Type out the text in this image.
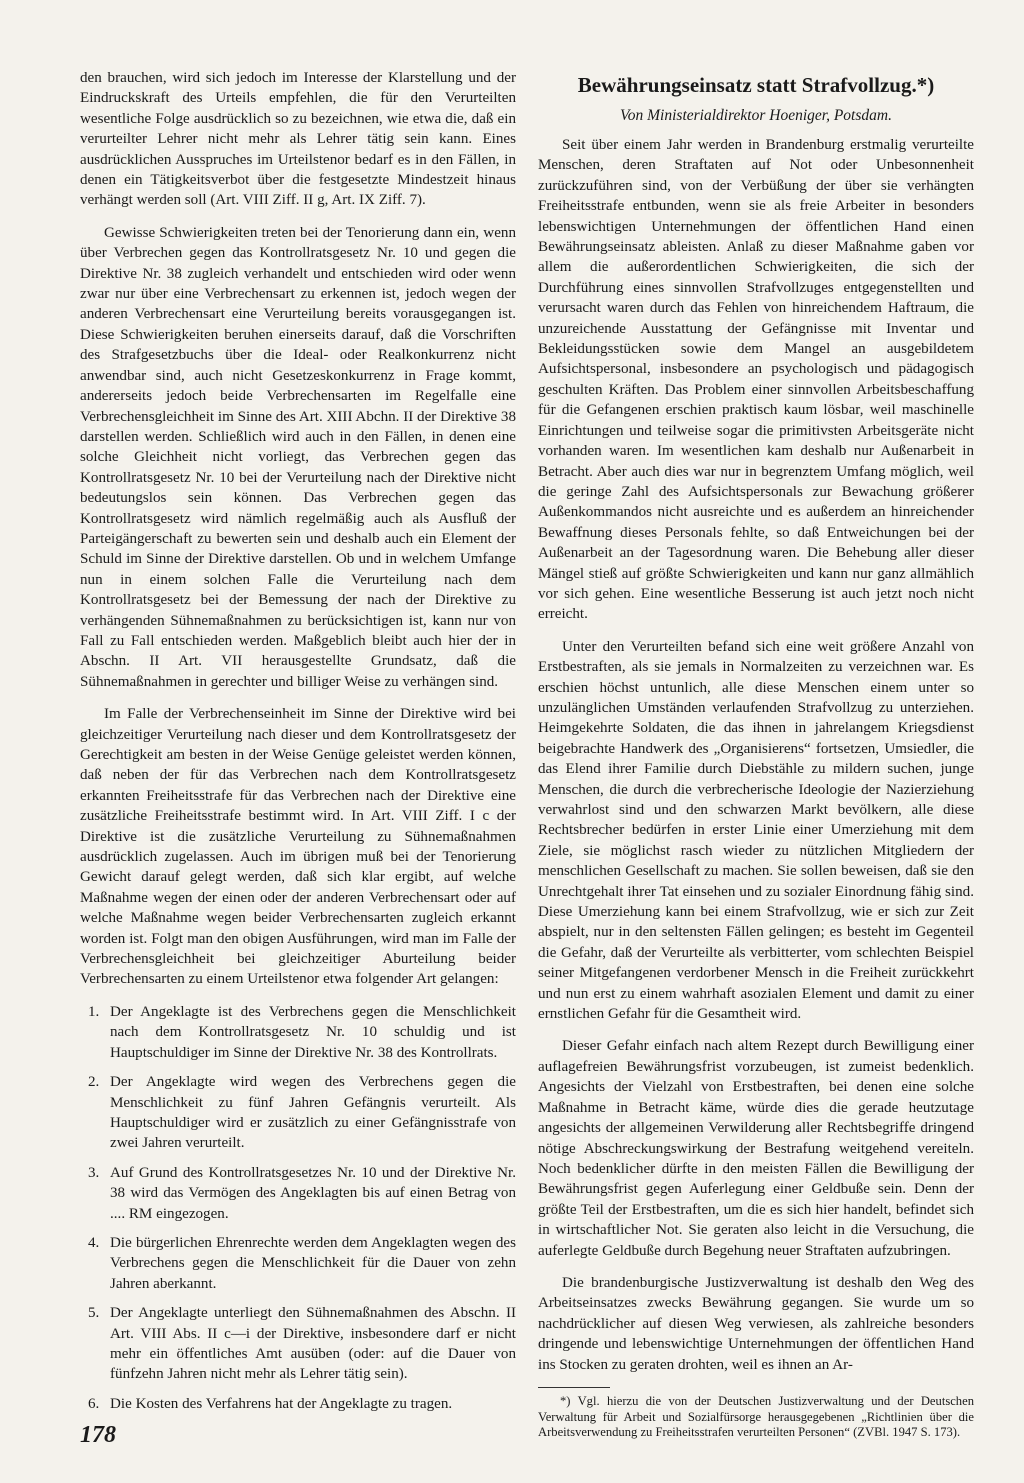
den brauchen, wird sich jedoch im Interesse der Klarstellung und der Eindruckskraft des Urteils empfehlen, die für den Verurteilten wesentliche Folge ausdrücklich so zu bezeichnen, wie etwa die, daß ein verurteilter Lehrer nicht mehr als Lehrer tätig sein kann. Eines ausdrücklichen Ausspruches im Urteilstenor bedarf es in den Fällen, in denen ein Tätigkeitsverbot über die festgesetzte Mindestzeit hinaus verhängt werden soll (Art. VIII Ziff. II g, Art. IX Ziff. 7).

Gewisse Schwierigkeiten treten bei der Tenorierung dann ein, wenn über Verbrechen gegen das Kontrollratsgesetz Nr. 10 und gegen die Direktive Nr. 38 zugleich verhandelt und entschieden wird oder wenn zwar nur über eine Verbrechensart zu erkennen ist, jedoch wegen der anderen Verbrechensart eine Verurteilung bereits vorausgegangen ist. Diese Schwierigkeiten beruhen einerseits darauf, daß die Vorschriften des Strafgesetzbuchs über die Ideal- oder Realkonkurrenz nicht anwendbar sind, auch nicht Gesetzeskonkurrenz in Frage kommt, andererseits jedoch beide Verbrechensarten im Regelfalle eine Verbrechensgleichheit im Sinne des Art. XIII Abchn. II der Direktive 38 darstellen werden. Schließlich wird auch in den Fällen, in denen eine solche Gleichheit nicht vorliegt, das Verbrechen gegen das Kontrollratsgesetz Nr. 10 bei der Verurteilung nach der Direktive nicht bedeutungslos sein können. Das Verbrechen gegen das Kontrollratsgesetz wird nämlich regelmäßig auch als Ausfluß der Parteigängerschaft zu bewerten sein und deshalb auch ein Element der Schuld im Sinne der Direktive darstellen. Ob und in welchem Umfange nun in einem solchen Falle die Verurteilung nach dem Kontrollratsgesetz bei der Bemessung der nach der Direktive zu verhängenden Sühnemaßnahmen zu berücksichtigen ist, kann nur von Fall zu Fall entschieden werden. Maßgeblich bleibt auch hier der in Abschn. II Art. VII herausgestellte Grundsatz, daß die Sühnemaßnahmen in gerechter und billiger Weise zu verhängen sind.

Im Falle der Verbrechenseinheit im Sinne der Direktive wird bei gleichzeitiger Verurteilung nach dieser und dem Kontrollratsgesetz der Gerechtigkeit am besten in der Weise Genüge geleistet werden können, daß neben der für das Verbrechen nach dem Kontrollratsgesetz erkannten Freiheitsstrafe für das Verbrechen nach der Direktive eine zusätzliche Freiheitsstrafe bestimmt wird. In Art. VIII Ziff. I c der Direktive ist die zusätzliche Verurteilung zu Sühnemaßnahmen ausdrücklich zugelassen. Auch im übrigen muß bei der Tenorierung Gewicht darauf gelegt werden, daß sich klar ergibt, auf welche Maßnahme wegen der einen oder der anderen Verbrechensart oder auf welche Maßnahme wegen beider Verbrechensarten zugleich erkannt worden ist. Folgt man den obigen Ausführungen, wird man im Falle der Verbrechensgleichheit bei gleichzeitiger Aburteilung beider Verbrechensarten zu einem Urteilstenor etwa folgender Art gelangen:

1. Der Angeklagte ist des Verbrechens gegen die Menschlichkeit nach dem Kontrollratsgesetz Nr. 10 schuldig und ist Hauptschuldiger im Sinne der Direktive Nr. 38 des Kontrollrats.
2. Der Angeklagte wird wegen des Verbrechens gegen die Menschlichkeit zu fünf Jahren Gefängnis verurteilt. Als Hauptschuldiger wird er zusätzlich zu einer Gefängnisstrafe von zwei Jahren verurteilt.
3. Auf Grund des Kontrollratsgesetzes Nr. 10 und der Direktive Nr. 38 wird das Vermögen des Angeklagten bis auf einen Betrag von .... RM eingezogen.
4. Die bürgerlichen Ehrenrechte werden dem Angeklagten wegen des Verbrechens gegen die Menschlichkeit für die Dauer von zehn Jahren aberkannt.
5. Der Angeklagte unterliegt den Sühnemaßnahmen des Abschn. II Art. VIII Abs. II c—i der Direktive, insbesondere darf er nicht mehr ein öffentliches Amt ausüben (oder: auf die Dauer von fünfzehn Jahren nicht mehr als Lehrer tätig sein).
6. Die Kosten des Verfahrens hat der Angeklagte zu tragen.
Bewährungseinsatz statt Strafvollzug.*)
Von Ministerialdirektor Hoeniger, Potsdam.

Seit über einem Jahr werden in Brandenburg erstmalig verurteilte Menschen, deren Straftaten auf Not oder Unbesonnenheit zurückzuführen sind, von der Verbüßung der über sie verhängten Freiheitsstrafe entbunden, wenn sie als freie Arbeiter in besonders lebenswichtigen Unternehmungen der öffentlichen Hand einen Bewährungseinsatz ableisten. Anlaß zu dieser Maßnahme gaben vor allem die außerordentlichen Schwierigkeiten, die sich der Durchführung eines sinnvollen Strafvollzuges entgegenstellten und verursacht waren durch das Fehlen von hinreichendem Haftraum, die unzureichende Ausstattung der Gefängnisse mit Inventar und Bekleidungsstücken sowie dem Mangel an ausgebildetem Aufsichtspersonal, insbesondere an psychologisch und pädagogisch geschulten Kräften. Das Problem einer sinnvollen Arbeitsbeschaffung für die Gefangenen erschien praktisch kaum lösbar, weil maschinelle Einrichtungen und teilweise sogar die primitivsten Arbeitsgeräte nicht vorhanden waren. Im wesentlichen kam deshalb nur Außenarbeit in Betracht. Aber auch dies war nur in begrenztem Umfang möglich, weil die geringe Zahl des Aufsichtspersonals zur Bewachung größerer Außenkommandos nicht ausreichte und es außerdem an hinreichender Bewaffnung dieses Personals fehlte, so daß Entweichungen bei der Außenarbeit an der Tagesordnung waren. Die Behebung aller dieser Mängel stieß auf größte Schwierigkeiten und kann nur ganz allmählich vor sich gehen. Eine wesentliche Besserung ist auch jetzt noch nicht erreicht.

Unter den Verurteilten befand sich eine weit größere Anzahl von Erstbestraften, als sie jemals in Normalzeiten zu verzeichnen war. Es erschien höchst untunlich, alle diese Menschen einem unter so unzulänglichen Umständen verlaufenden Strafvollzug zu unterziehen. Heimgekehrte Soldaten, die das ihnen in jahrelangem Kriegsdienst beigebrachte Handwerk des „Organisierens“ fortsetzen, Umsiedler, die das Elend ihrer Familie durch Diebstähle zu mildern suchen, junge Menschen, die durch die verbrecherische Ideologie der Nazierziehung verwahrlost sind und den schwarzen Markt bevölkern, alle diese Rechtsbrecher bedürfen in erster Linie einer Umerziehung mit dem Ziele, sie möglichst rasch wieder zu nützlichen Mitgliedern der menschlichen Gesellschaft zu machen. Sie sollen beweisen, daß sie den Unrechtgehalt ihrer Tat einsehen und zu sozialer Einordnung fähig sind. Diese Umerziehung kann bei einem Strafvollzug, wie er sich zur Zeit abspielt, nur in den seltensten Fällen gelingen; es besteht im Gegenteil die Gefahr, daß der Verurteilte als verbitterter, vom schlechten Beispiel seiner Mitgefangenen verdorbener Mensch in die Freiheit zurückkehrt und nun erst zu einem wahrhaft asozialen Element und damit zu einer ernstlichen Gefahr für die Gesamtheit wird.

Dieser Gefahr einfach nach altem Rezept durch Bewilligung einer auflagefreien Bewährungsfrist vorzubeugen, ist zumeist bedenklich. Angesichts der Vielzahl von Erstbestraften, bei denen eine solche Maßnahme in Betracht käme, würde dies die gerade heutzutage angesichts der allgemeinen Verwilderung aller Rechtsbegriffe dringend nötige Abschreckungswirkung der Bestrafung weitgehend vereiteln. Noch bedenklicher dürfte in den meisten Fällen die Bewilligung der Bewährungsfrist gegen Auferlegung einer Geldbuße sein. Denn der größte Teil der Erstbestraften, um die es sich hier handelt, befindet sich in wirtschaftlicher Not. Sie geraten also leicht in die Versuchung, die auferlegte Geldbuße durch Begehung neuer Straftaten aufzubringen.

Die brandenburgische Justizverwaltung ist deshalb den Weg des Arbeitseinsatzes zwecks Bewährung gegangen. Sie wurde um so nachdrücklicher auf diesen Weg verwiesen, als zahlreiche besonders dringende und lebenswichtige Unternehmungen der öffentlichen Hand ins Stocken zu geraten drohten, weil es ihnen an Ar-

*) Vgl. hierzu die von der Deutschen Justizverwaltung und der Deutschen Verwaltung für Arbeit und Sozialfürsorge herausgegebenen „Richtlinien über die Arbeitsverwendung zu Freiheitsstrafen verurteilten Personen“ (ZVBl. 1947 S. 173).

178
